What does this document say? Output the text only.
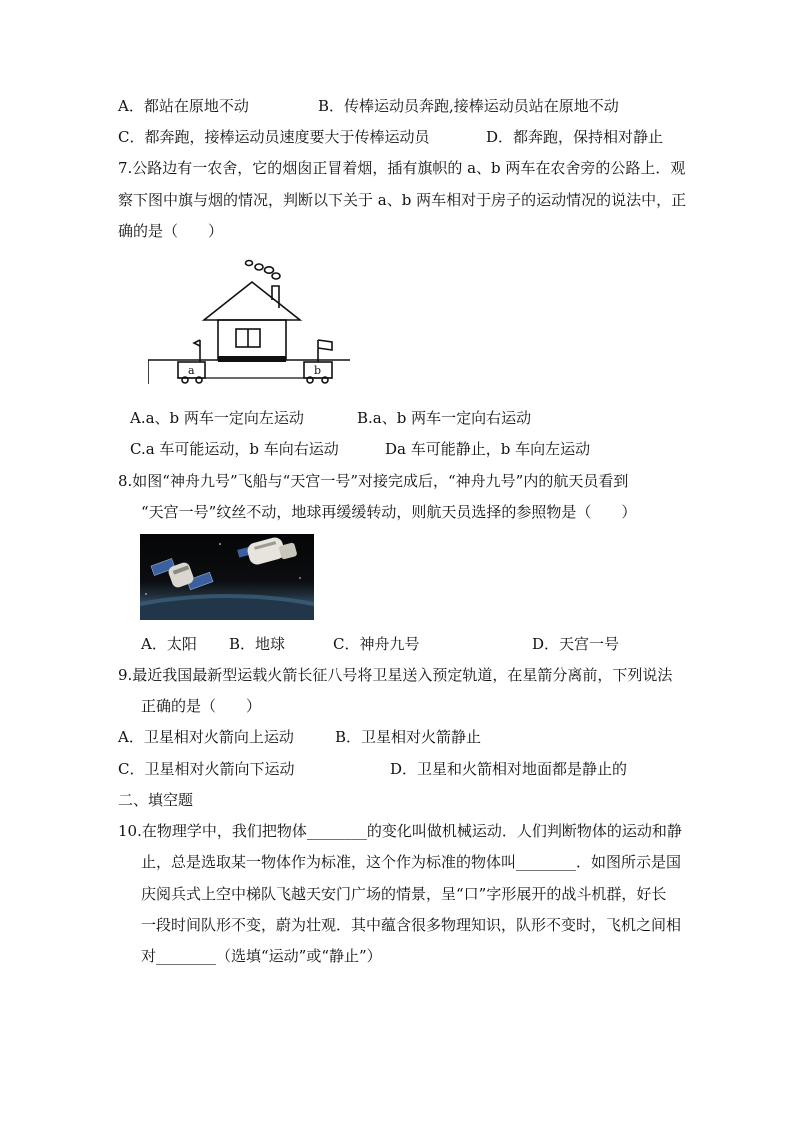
A．都站在原地不动	B．传棒运动员奔跑,接棒运动员站在原地不动
C．都奔跑，接棒运动员速度要大于传棒运动员	D．都奔跑，保持相对静止
7.公路边有一农舍，它的烟囱正冒着烟，插有旗帜的 a、b 两车在农舍旁的公路上．观
察下图中旗与烟的情况，判断以下关于 a、b 两车相对于房子的运动情况的说法中，正
确的是（　　）
a	b
A.a、b 两车一定向左运动	B.a、b 两车一定向右运动
C.a 车可能运动，b 车向右运动	Da 车可能静止，b 车向左运动
8.如图“神舟九号”飞船与“天宫一号”对接完成后，“神舟九号”内的航天员看到
“天宫一号”纹丝不动，地球再缓缓转动，则航天员选择的参照物是（　　）
A．太阳 B．地球	C．神舟九号	D．天宫一号
9.最近我国最新型运载火箭长征八号将卫星送入预定轨道，在星箭分离前，下列说法
正确的是（　　）
A．卫星相对火箭向上运动	B．卫星相对火箭静止
C．卫星相对火箭向下运动	D．卫星和火箭相对地面都是静止的
二、填空题
10.在物理学中，我们把物体________的变化叫做机械运动．人们判断物体的运动和静
止，总是选取某一物体作为标准，这个作为标准的物体叫________．如图所示是国
庆阅兵式上空中梯队飞越天安门广场的情景，呈“口”字形展开的战斗机群，好长
一段时间队形不变，蔚为壮观．其中蕴含很多物理知识，队形不变时，飞机之间相
对________（选填“运动”或“静止”）
